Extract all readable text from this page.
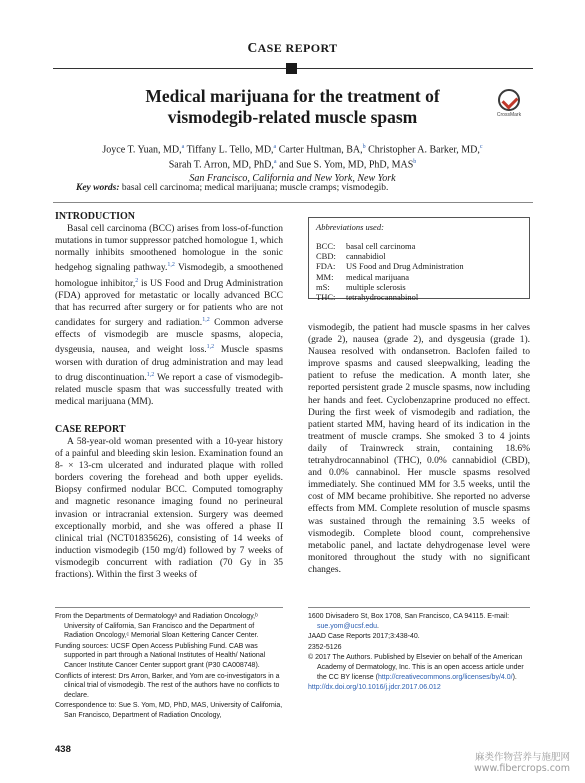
CASE REPORT
Medical marijuana for the treatment of
vismodegib-related muscle spasm	CrossMark
Joyce T. Yuan, MD,$^a$ Tiffany L. Tello, MD,$^a$ Carter Hultman, BA,$^b$ Christopher A. Barker, MD,$^c$
Sarah T. Arron, MD, PhD,$^a$ and Sue S. Yom, MD, PhD, MAS$^b$
San Francisco, California and New York, New York
Key words: basal cell carcinoma; medical marijuana; muscle cramps; vismodegib.
INTRODUCTION

Basal cell carcinoma (BCC) arises from loss-of-function mutations in tumor suppressor patched homologue 1, which normally inhibits smoothened homologue in the sonic hedgehog signaling pathway.$^{1,2}$ Vismodegib, a smoothened homologue inhibitor,$^2$ is US Food and Drug Administration (FDA) approved for metastatic or locally advanced BCC that has recurred after surgery or for patients who are not candidates for surgery and radiation.$^{1,2}$ Common adverse effects of vismodegib are muscle spasms, alopecia, dysgeusia, nausea, and weight loss.$^{1,2}$ Muscle spasms worsen with duration of drug administration and may lead to drug discontinuation.$^{1,2}$ We report a case of vismodegib-related muscle spasm that was successfully treated with medical marijuana (MM).

CASE REPORT

A 58-year-old woman presented with a 10-year history of a painful and bleeding skin lesion. Examination found an 8- × 13-cm ulcerated and indurated plaque with rolled borders covering the forehead and both upper eyelids. Biopsy confirmed nodular BCC. Computed tomography and magnetic resonance imaging found no perineural invasion or intracranial extension. Surgery was deemed exceptionally morbid, and she was offered a phase II clinical trial (NCT01835626), consisting of 14 weeks of induction vismodegib (150 mg/d) followed by 7 weeks of vismodegib concurrent with radiation (70 Gy in 35 fractions). Within the first 3 weeks of

Abbreviations used:
BCC:	basal cell carcinoma
CBD:	cannabidiol
FDA:	US Food and Drug Administration
MM:	medical marijuana
mS:	multiple sclerosis
THC:	tetrahydrocannabinol

vismodegib, the patient had muscle spasms in her calves (grade 2), nausea (grade 2), and dysgeusia (grade 1). Nausea resolved with ondansetron. Baclofen failed to improve spasms and caused sleepwalking, leading the patient to refuse the medication. A month later, she reported persistent grade 2 muscle spasms, now including her hands and feet. Cyclobenzaprine produced no effect. During the first week of vismodegib and radiation, the patient started MM, having heard of its indication in the treatment of muscle cramps. She smoked 3 to 4 joints daily of Trainwreck strain, containing 18.6% tetrahydrocannabinol (THC), 0.0% cannabidiol (CBD), and 0.0% cannabinol. Her muscle spasms resolved immediately. She continued MM for 3.5 weeks, until the cost of MM became prohibitive. She reported no adverse effects from MM. Complete resolution of muscle spasms was sustained through the remaining 3.5 weeks of vismodegib. Complete blood count, comprehensive metabolic panel, and lactate dehydrogenase level were monitored throughout the study with no significant changes.

From the Departments of Dermatologyᵃ and Radiation Oncology,ᵇ University of California, San Francisco and the Department of Radiation Oncology,ᶜ Memorial Sloan Kettering Cancer Center.

Funding sources: UCSF Open Access Publishing Fund. CAB was supported in part through a National Institutes of Health/ National Cancer Institute Cancer Center support grant (P30 CA008748).

Conflicts of interest: Drs Arron, Barker, and Yom are co-investigators in a clinical trial of vismodegib. The rest of the authors have no conflicts to declare.

Correspondence to: Sue S. Yom, MD, PhD, MAS, University of California, San Francisco, Department of Radiation Oncology,

1600 Divisadero St, Box 1708, San Francisco, CA 94115. E-mail: sue.yom@ucsf.edu.

JAAD Case Reports 2017;3:438-40.

2352-5126

© 2017 The Authors. Published by Elsevier on behalf of the American Academy of Dermatology, Inc. This is an open access article under the CC BY license (http://creativecommons.org/licenses/by/4.0/).

http://dx.doi.org/10.1016/j.jdcr.2017.06.012

438
麻类作物营养与施肥网
www.fibercrops.com
